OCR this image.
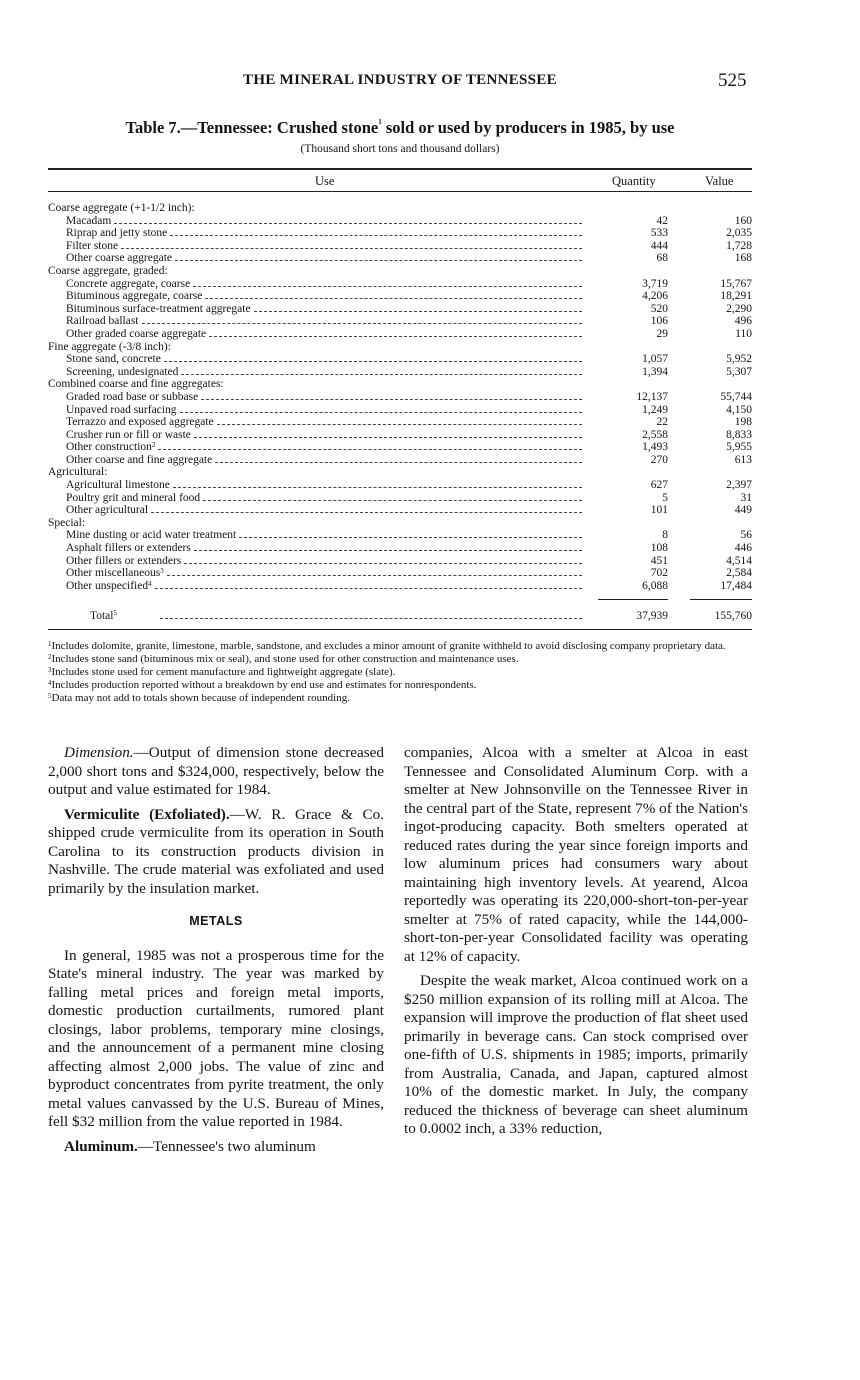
THE MINERAL INDUSTRY OF TENNESSEE	525
Table 7.—Tennessee: Crushed stone$^1$ sold or used by producers in 1985, by use
(Thousand short tons and thousand dollars)
Use	Quantity	Value
Coarse aggregate (+1-1/2 inch):
Macadam	42	160
Riprap and jetty stone	533	2,035
Filter stone	444	1,728
Other coarse aggregate	68	168
Coarse aggregate, graded:
Concrete aggregate, coarse	3,719	15,767
Bituminous aggregate, coarse	4,206	18,291
Bituminous surface-treatment aggregate	520	2,290
Railroad ballast	106	496
Other graded coarse aggregate	29	110
Fine aggregate (-3/8 inch):
Stone sand, concrete	1,057	5,952
Screening, undesignated	1,394	5,307
Combined coarse and fine aggregates:
Graded road base or subbase	12,137	55,744
Unpaved road surfacing	1,249	4,150
Terrazzo and exposed aggregate	22	198
Crusher run or fill or waste	2,558	8,833
Other construction$^2$	1,493	5,955
Other coarse and fine aggregate	270	613
Agricultural:
Agricultural limestone	627	2,397
Poultry grit and mineral food	5	31
Other agricultural	101	449
Special:
Mine dusting or acid water treatment	8	56
Asphalt fillers or extenders	108	446
Other fillers or extenders	451	4,514
Other miscellaneous$^3$	702	2,584
Other unspecified$^4$	6,088	17,484
Total$^5$	37,939	155,760

$^1$Includes dolomite, granite, limestone, marble, sandstone, and excludes a minor amount of granite withheld to avoid disclosing company proprietary data.

$^2$Includes stone sand (bituminous mix or seal), and stone used for other construction and maintenance uses.

$^3$Includes stone used for cement manufacture and lightweight aggregate (slate).

$^4$Includes production reported without a breakdown by end use and estimates for nonrespondents.

$^5$Data may not add to totals shown because of independent rounding.

Dimension.—Output of dimension stone decreased 2,000 short tons and $324,000, respectively, below the output and value estimated for 1984.

Vermiculite (Exfoliated).—W. R. Grace & Co. shipped crude vermiculite from its operation in South Carolina to its construction products division in Nashville. The crude material was exfoliated and used primarily by the insulation market.

METALS

In general, 1985 was not a prosperous time for the State's mineral industry. The year was marked by falling metal prices and foreign metal imports, domestic production curtailments, rumored plant closings, labor problems, temporary mine closings, and the announcement of a permanent mine closing affecting almost 2,000 jobs. The value of zinc and byproduct concentrates from pyrite treatment, the only metal values canvassed by the U.S. Bureau of Mines, fell $32 million from the value reported in 1984.

Aluminum.—Tennessee's two aluminum

companies, Alcoa with a smelter at Alcoa in east Tennessee and Consolidated Aluminum Corp. with a smelter at New Johnsonville on the Tennessee River in the central part of the State, represent 7% of the Nation's ingot-producing capacity. Both smelters operated at reduced rates during the year since foreign imports and low aluminum prices had consumers wary about maintaining high inventory levels. At yearend, Alcoa reportedly was operating its 220,000-short-ton-per-year smelter at 75% of rated capacity, while the 144,000-short-ton-per-year Consolidated facility was operating at 12% of capacity.

Despite the weak market, Alcoa continued work on a $250 million expansion of its rolling mill at Alcoa. The expansion will improve the production of flat sheet used primarily in beverage cans. Can stock comprised over one-fifth of U.S. shipments in 1985; imports, primarily from Australia, Canada, and Japan, captured almost 10% of the domestic market. In July, the company reduced the thickness of beverage can sheet aluminum to 0.0002 inch, a 33% reduction,
